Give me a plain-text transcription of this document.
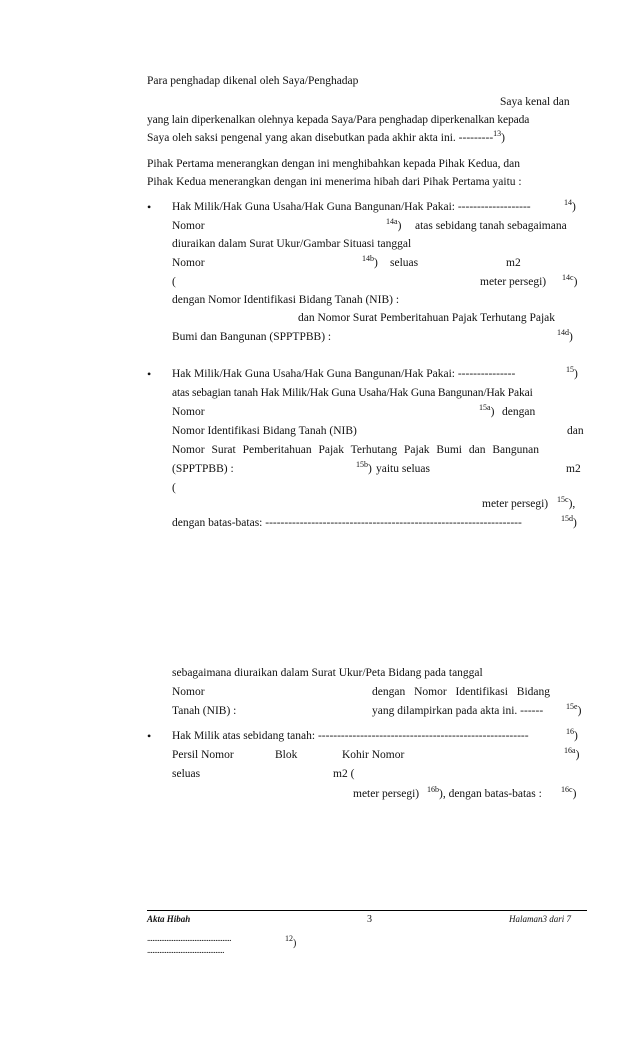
Para penghadap dikenal oleh Saya/Penghadap
Saya kenal dan
yang lain diperkenalkan olehnya kepada Saya/Para penghadap diperkenalkan kepada
Saya oleh saksi pengenal yang akan disebutkan pada akhir akta ini. ---------$^{13}$)
Pihak Pertama menerangkan dengan ini menghibahkan kepada Pihak Kedua, dan
Pihak Kedua menerangkan dengan ini menerima hibah dari Pihak Pertama yaitu :
• Hak Milik/Hak Guna Usaha/Hak Guna Bangunan/Hak Pakai: -------------------	$^{14}$)
Nomor	$^{14a}$) atas sebidang tanah sebagaimana
diuraikan dalam Surat Ukur/Gambar Situasi tanggal
Nomor	$^{14b}$) seluas	m2
(	meter persegi) $^{14c}$)
dengan Nomor Identifikasi Bidang Tanah (NIB) :
dan Nomor Surat Pemberitahuan Pajak Terhutang Pajak
Bumi dan Bangunan (SPPTPBB) :	$^{14d}$)
• Hak Milik/Hak Guna Usaha/Hak Guna Bangunan/Hak Pakai: ---------------	$^{15}$)
atas sebagian tanah Hak Milik/Hak Guna Usaha/Hak Guna Bangunan/Hak Pakai
Nomor	$^{15a}$) dengan
Nomor Identifikasi Bidang Tanah (NIB)	dan
Nomor Surat Pemberitahuan Pajak Terhutang Pajak Bumi dan Bangunan
(SPPTPBB) :	$^{15b}$) yaitu seluas	m2
(
meter persegi) $^{15c}$),
dengan batas-batas: -------------------------------------------------------------------	$^{15d}$)
sebagaimana diuraikan dalam Surat Ukur/Peta Bidang pada tanggal
Nomor	dengan Nomor Identifikasi Bidang
Tanah (NIB) :	yang dilampirkan pada akta ini. ------	$^{15e}$)
• Hak Milik atas sebidang tanah: -------------------------------------------------------	$^{16}$)
Persil Nomor	Blok	Kohir Nomor	$^{16a}$)
seluas	m2 (
meter persegi) $^{16b}$), dengan batas-batas : $^{16c}$)
Akta Hibah	3	Halaman3 dari 7
................................................
............................................
$^{12}$)
